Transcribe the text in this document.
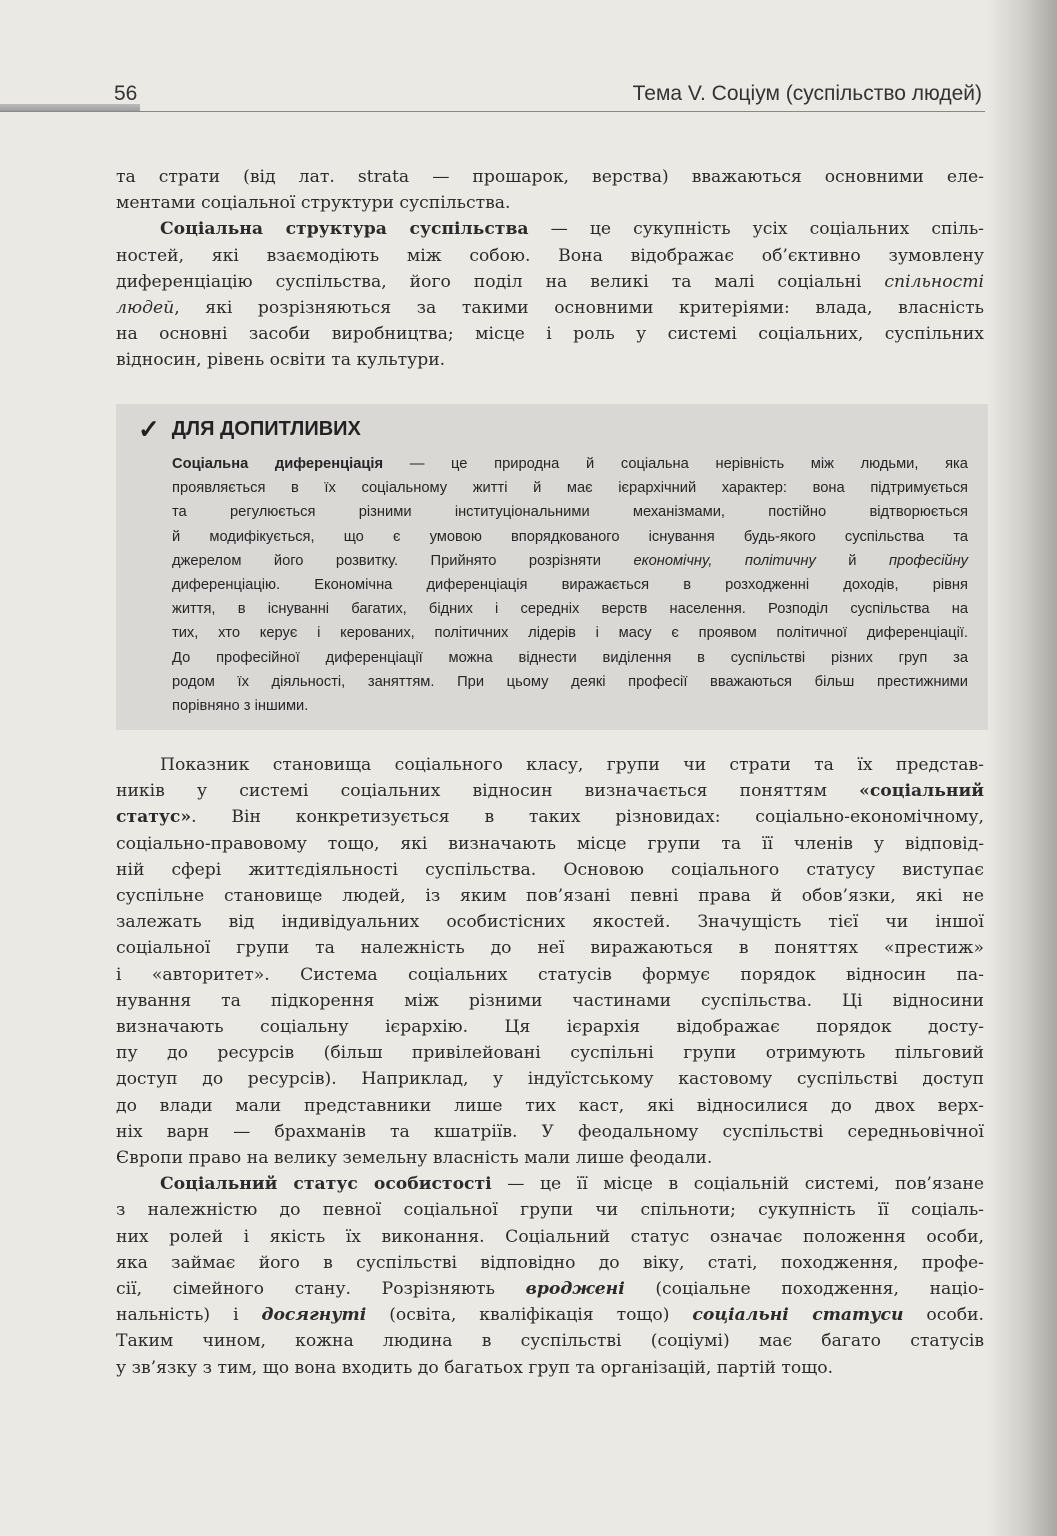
56	Тема V. Соціум (суспільство людей)

та страти (від лат. strata — прошарок, верства) вважаються основними еле-

ментами соціальної структури суспільства.

Соціальна структура суспільства — це сукупність усіх соціальних спіль-

ностей, які взаємодіють між собою. Вона відображає об’єктивно зумовлену

диференціацію суспільства, його поділ на великі та малі соціальні спільності

людей, які розрізняються за такими основними критеріями: влада, власність

на основні засоби виробництва; місце і роль у системі соціальних, суспільних

відносин, рівень освіти та культури.

✓ ДЛЯ ДОПИТЛИВИХ

Соціальна диференціація — це природна й соціальна нерівність між людьми, яка

проявляється в їх соціальному житті й має ієрархічний характер: вона підтримується

та регулюється різними інституціональними механізмами, постійно відтворюється

й модифікується, що є умовою впорядкованого існування будь-якого суспільства та

джерелом його розвитку. Прийнято розрізняти економічну, політичну й професійну

диференціацію. Економічна диференціація виражається в розходженні доходів, рівня

життя, в існуванні багатих, бідних і середніх верств населення. Розподіл суспільства на

тих, хто керує і керованих, політичних лідерів і масу є проявом політичної диференціації.

До професійної диференціації можна віднести виділення в суспільстві різних груп за

родом їх діяльності, заняттям. При цьому деякі професії вважаються більш престижними

порівняно з іншими.

Показник становища соціального класу, групи чи страти та їх представ-

ників у системі соціальних відносин визначається поняттям «соціальний

статус». Він конкретизується в таких різновидах: соціально-економічному,

соціально-правовому тощо, які визначають місце групи та її членів у відповід-

ній сфері життєдіяльності суспільства. Основою соціального статусу виступає

суспільне становище людей, із яким пов’язані певні права й обов’язки, які не

залежать від індивідуальних особистісних якостей. Значущість тієї чи іншої

соціальної групи та належність до неї виражаються в поняттях «престиж»

і «авторитет». Система соціальних статусів формує порядок відносин па-

нування та підкорення між різними частинами суспільства. Ці відносини

визначають соціальну ієрархію. Ця ієрархія відображає порядок досту-

пу до ресурсів (більш привілейовані суспільні групи отримують пільговий

доступ до ресурсів). Наприклад, у індуїстському кастовому суспільстві доступ

до влади мали представники лише тих каст, які відносилися до двох верх-

ніх варн — брахманів та кшатріїв. У феодальному суспільстві середньовічної

Європи право на велику земельну власність мали лише феодали.

Соціальний статус особистості — це її місце в соціальній системі, пов’язане

з належністю до певної соціальної групи чи спільноти; сукупність її соціаль-

них ролей і якість їх виконання. Соціальний статус означає положення особи,

яка займає його в суспільстві відповідно до віку, статі, походження, профе-

сії, сімейного стану. Розрізняють вроджені (соціальне походження, націо-

нальність) і досягнуті (освіта, кваліфікація тощо) соціальні статуси особи.

Таким чином, кожна людина в суспільстві (соціумі) має багато статусів

у зв’язку з тим, що вона входить до багатьох груп та організацій, партій тощо.
